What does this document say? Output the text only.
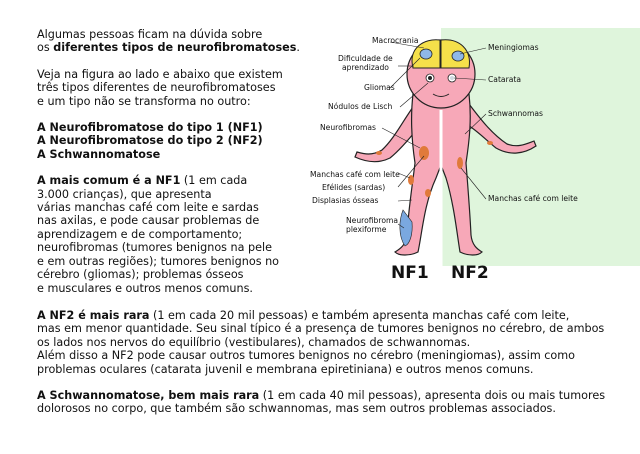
Algumas pessoas ficam na dúvida sobre
os diferentes tipos de neurofibromatoses.

Veja na figura ao lado e abaixo que existem
três tipos diferentes de neurofibromatoses
e um tipo não se transforma no outro:

A Neurofibromatose do tipo 1 (NF1)
A Neurofibromatose do tipo 2 (NF2)
A Schwannomatose

A mais comum é a NF1 (1 em cada
3.000 crianças), que apresenta
várias manchas café com leite e sardas
nas axilas, e pode causar problemas de
aprendizagem e de comportamento;
neurofibromas (tumores benignos na pele
e em outras regiões); tumores benignos no
cérebro (gliomas); problemas ósseos
e musculares e outros menos comuns.

A NF2 é mais rara (1 em cada 20 mil pessoas) e também apresenta manchas café com leite,
mas em menor quantidade. Seu sinal típico é a presença de tumores benignos no cérebro, de ambos
os lados nos nervos do equilíbrio (vestibulares), chamados de schwannomas.
Além disso a NF2 pode causar outros tumores benignos no cérebro (meningiomas), assim como
problemas oculares (catarata juvenil e membrana epiretiniana) e outros menos comuns.

A Schwannomatose, bem mais rara (1 em cada 40 mil pessoas), apresenta dois ou mais tumores
dolorosos no corpo, que também são schwannomas, mas sem outros problemas associados.

Macrocrania
Dificuldade de
aprendizado
Gliomas
Nódulos de Lisch
Neurofibromas
Manchas café com leite
Efélides (sardas)
Displasias ósseas
Neurofibroma
plexiforme
Meningiomas
Catarata
Schwannomas
Manchas café com leite
NF1 NF2
